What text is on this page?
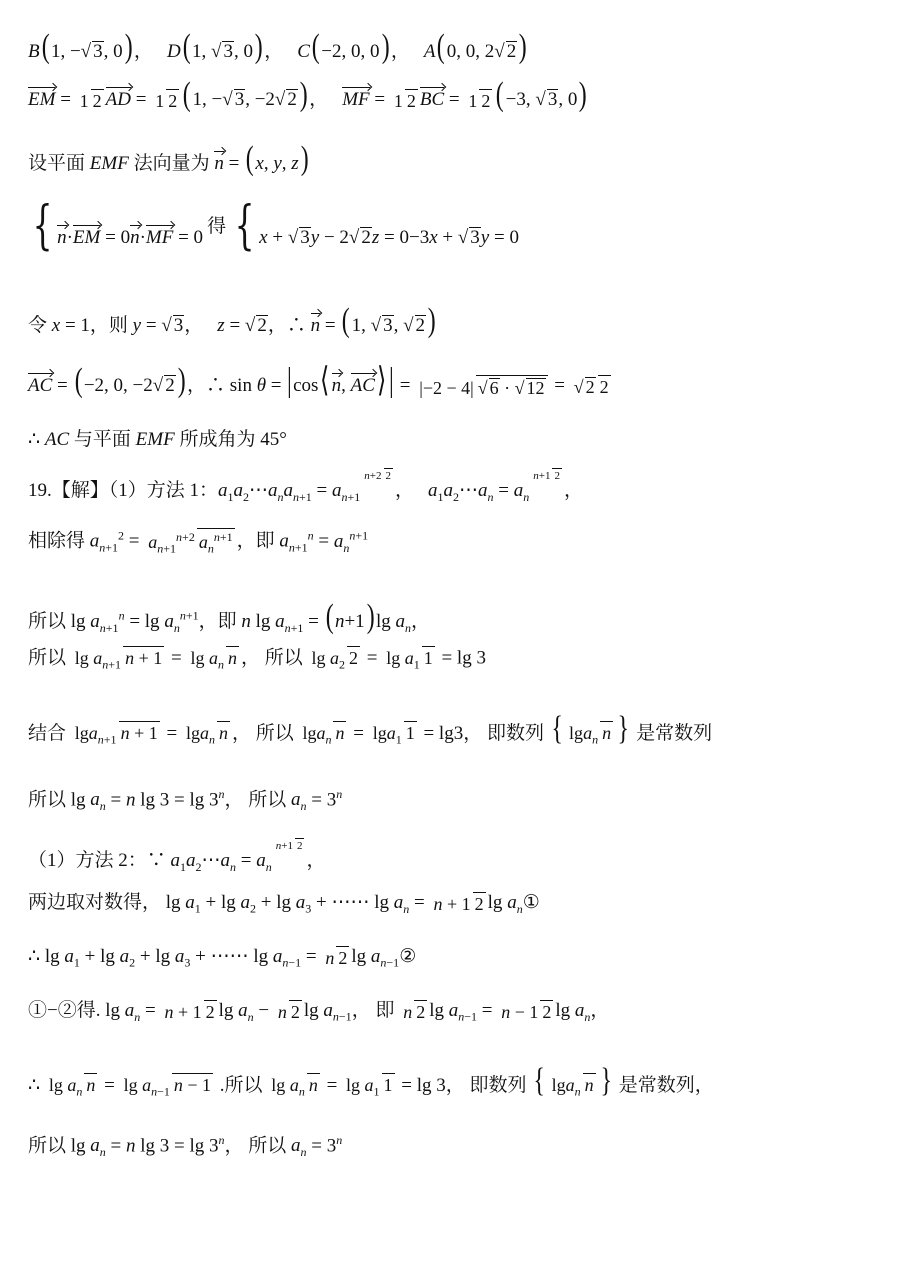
B(1, −√ 3, 0)， D(1, √ 3, 0)， C(−2, 0, 0)， A(0, 0, 2√ 2)
EM = 1 2 AD = 1 2 (1, −√ 3, −2√ 2)， MF = 1 2 BC = 1 2 (−3, √ 3, 0)
设平面 EMF 法向量为 n = (x, y, z)
{ n·EM = 0n·MF = 0
得 { x + √ 3y − 2√ 2z = 0−3x + √ 3y = 0
令 x = 1，则 y = √ 3， z = √ 2，∴ n = (1, √ 3, √ 2)
AC = (−2, 0, −2√ 2)，∴ sin θ = |cos⟨ n, AC⟩| = |−2 − 4| √ 6 · √ 12 = √ 2 2
∴ AC 与平面 EMF 所成角为 45°
19.【解】（1）方法 1：$a_1a_2\cdots a_na_{n+1} = a_{n+1}^{n+2 2}$， $a_1a_2\cdots a_n = a_n^{n+1 2}$，
相除得 $a_{n+1}^2 = a_{n+1}^{n+2}$ $a_n^{n+1}$ ，即 $a_{n+1}^n = a_n^{n+1}$
所以 $\lg a_{n+1}^n = \lg a_n^{n+1}$，即 n $\lg a_{n+1} = (n+1)\lg$ $a_n$，
所以 $\lg a_{n+1}$ $n + 1 = \lg a_n$ n ， 所以 $\lg a_2$ $2 = \lg a_1$ 1 = lg 3
结合 lga$_{n+1}$ n + 1 = lga$_n$ n ， 所以 lga$_n$ n = lga$_1$ 1 = lg3， 即数列 { lga$_n$ n } 是常数列
所以 $\lg a_n = n$ lg 3 = lg 3$^n$， 所以 $a_n = 3^n$
（1）方法 2：∵ $a_1a_2\cdots a_n = a_n^{n+1 2}$，
两边取对数得， $\lg a_1 + \lg a_2 + \lg a_3$ + ⋯⋯ $\lg a_n = n + 1$ 2 $\lg a_n①$
∴ $\lg a_1 + \lg a_2 + \lg a_3$ + ⋯⋯ $\lg a_{n-1} = n$ 2 $\lg a_{n-1}②$
①−②得. $\lg a_n = n + 1$ 2 $\lg a_n - n$ 2 $\lg a_{n-1}$， 即 n 2 $\lg a_{n-1} = n - 1$ 2 $\lg a_n$，
∴ $\lg a_n$ $n = \lg a_{n-1}$ n − 1 .所以 $\lg a_n$ $n = \lg a_1$ 1 = lg 3， 即数列 { lga$_n$ n } 是常数列，
所以 $\lg a_n = n$ lg 3 = lg 3$^n$， 所以 $a_n = 3^n$
